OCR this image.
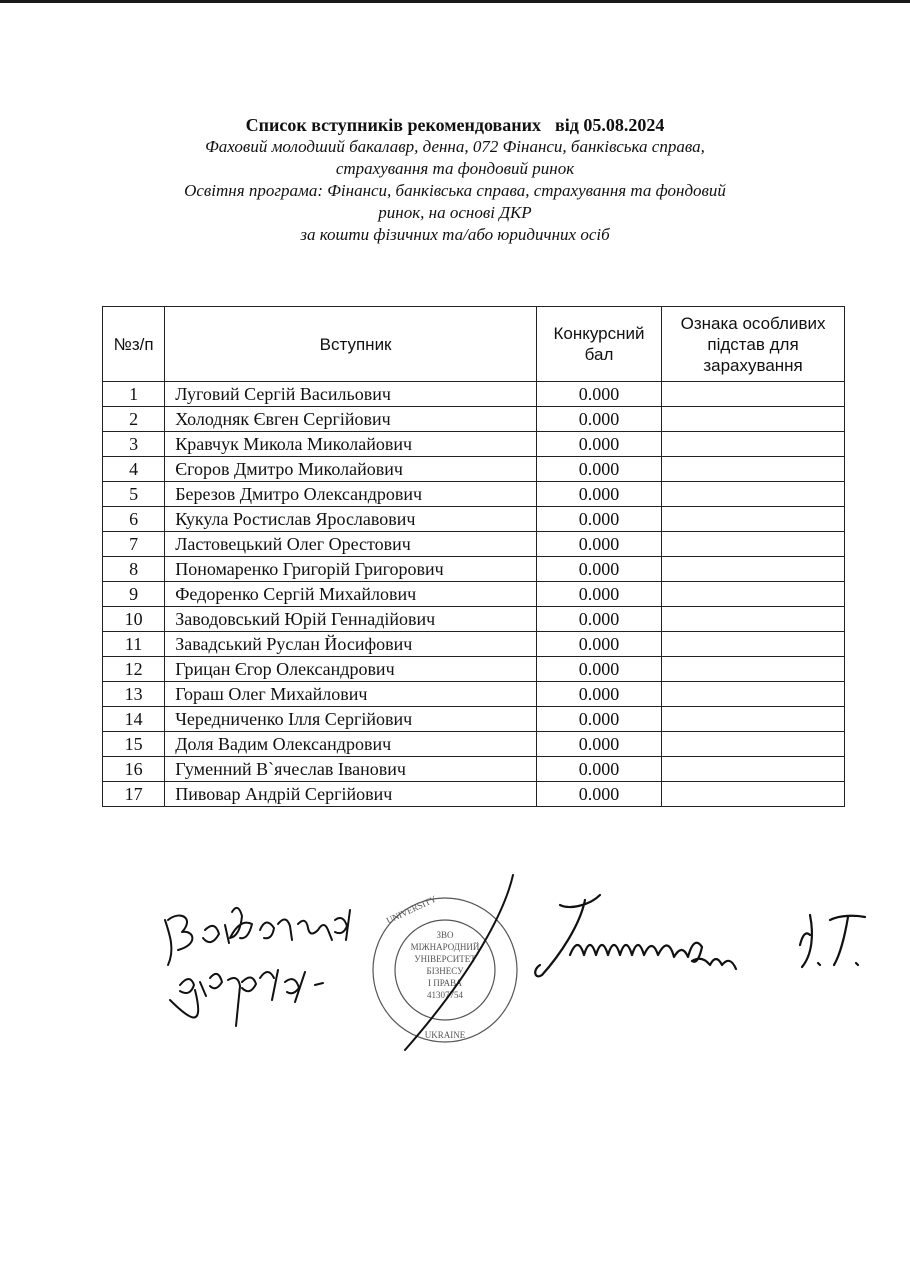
Список вступників рекомендованих від 05.08.2024
Фаховий молодший бакалавр, денна, 072 Фінанси, банківська справа,
страхування та фондовий ринок
Освітня програма: Фінанси, банківська справа, страхування та фондовий
ринок, на основі ДКР
за кошти фізичних та/або юридичних осіб
№з/п	Вступник	Конкурсний бал	Ознака особливих підстав для зарахування
1	Луговий Сергій Васильович	0.000	
2	Холодняк Євген Сергійович	0.000	
3	Кравчук Микола Миколайович	0.000	
4	Єгоров Дмитро Миколайович	0.000	
5	Березов Дмитро Олександрович	0.000	
6	Кукула Ростислав Ярославович	0.000	
7	Ластовецький Олег Орестович	0.000	
8	Пономаренко Григорій Григорович	0.000	
9	Федоренко Сергій Михайлович	0.000	
10	Заводовський Юрій Геннадійович	0.000	
11	Завадський Руслан Йосифович	0.000	
12	Грицан Єгор Олександрович	0.000	
13	Гораш Олег Михайлович	0.000	
14	Чередниченко Ілля Сергійович	0.000	
15	Доля Вадим Олександрович	0.000	
16	Гуменний В`ячеслав Іванович	0.000	
17	Пивовар Андрій Сергійович	0.000	
UNIVERSITY
ЗВО
МІЖНАРОДНИЙ
УНІВЕРСИТЕТ
БІЗНЕСУ
І ПРАВА
41307754
UKRAINE
